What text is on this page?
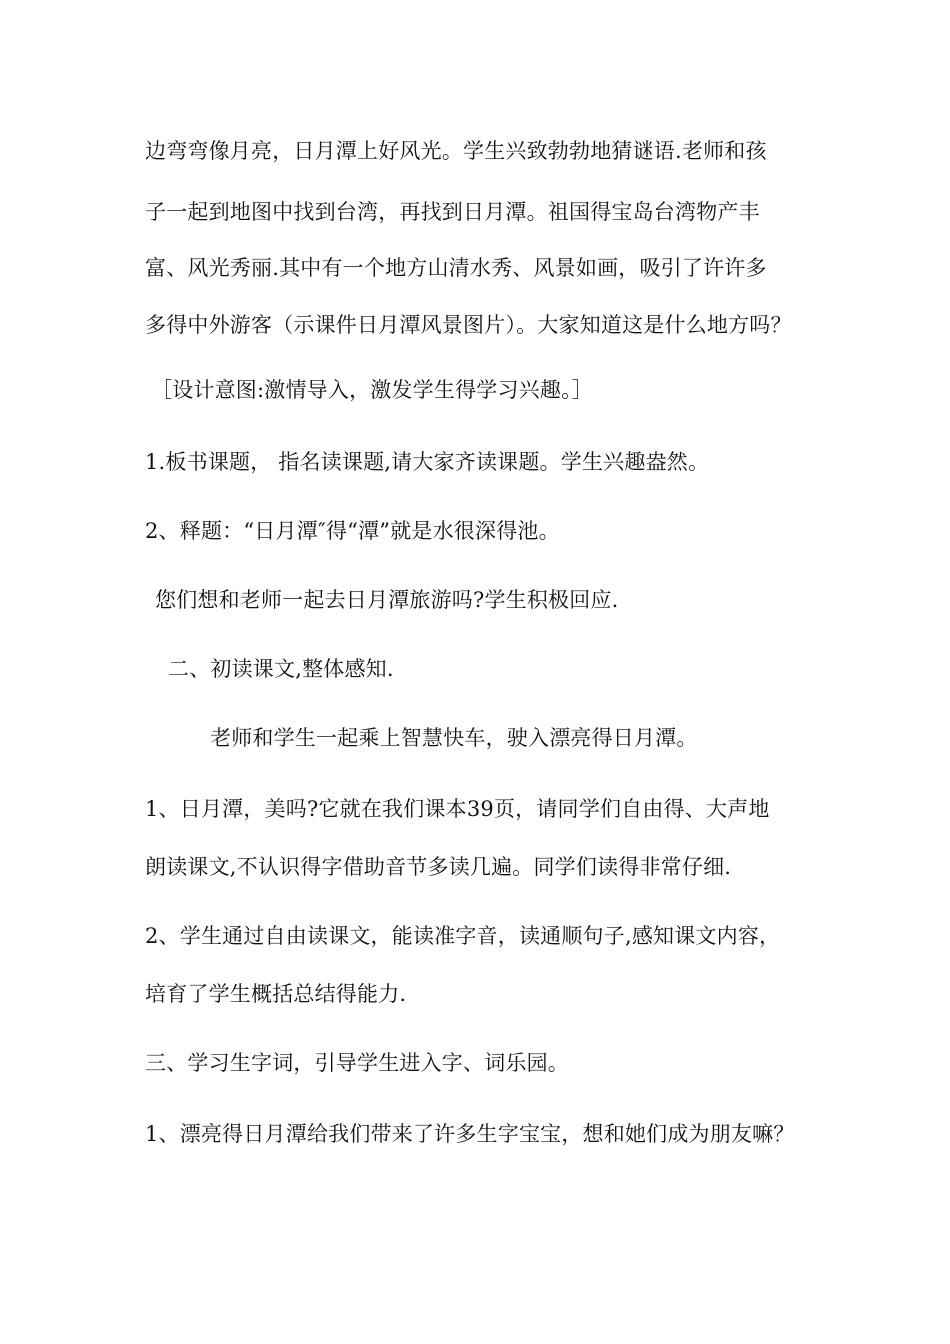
边弯弯像月亮，日月潭上好风光。学生兴致勃勃地猜谜语.老师和孩
子一起到地图中找到台湾，再找到日月潭。祖国得宝岛台湾物产丰
富、风光秀丽.其中有一个地方山清水秀、风景如画，吸引了许许多
多得中外游客（示课件日月潭风景图片）。大家知道这是什么地方吗？
［设计意图:激情导入，激发学生得学习兴趣。］
1.板书课题， 指名读课题,请大家齐读课题。学生兴趣盎然。
2、释题：“日月潭″得“潭”就是水很深得池。
您们想和老师一起去日月潭旅游吗?学生积极回应.
二、初读课文,整体感知.
老师和学生一起乘上智慧快车，驶入漂亮得日月潭。
1、日月潭，美吗?它就在我们课本39页，请同学们自由得、大声地
朗读课文,不认识得字借助音节多读几遍。同学们读得非常仔细.
2、学生通过自由读课文，能读准字音，读通顺句子,感知课文内容，
培育了学生概括总结得能力.
三、学习生字词，引导学生进入字、词乐园。
1、漂亮得日月潭给我们带来了许多生字宝宝，想和她们成为朋友嘛？
